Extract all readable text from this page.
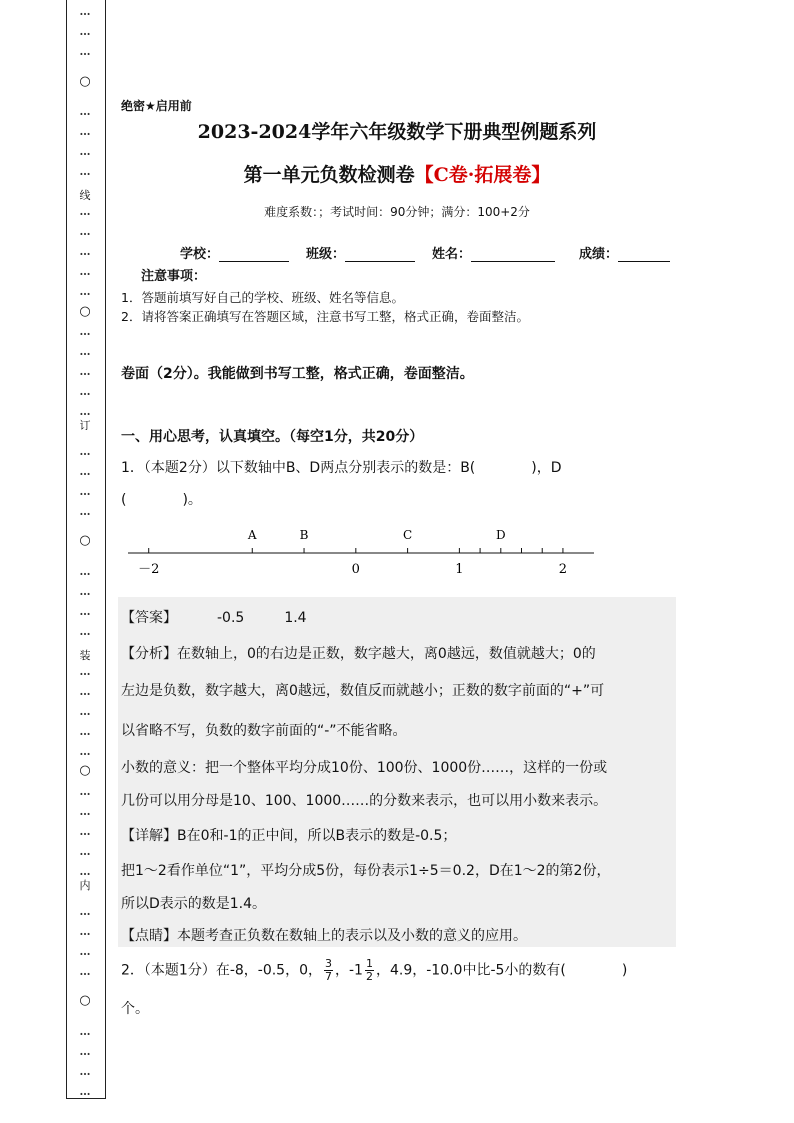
绝密★启用前
2023-2024学年六年级数学下册典型例题系列
第一单元负数检测卷【C卷·拓展卷】
难度系数：；考试时间：90分钟；满分：100+2分
学校：	班级：	姓名：	成绩：
注意事项：
1．答题前填写好自己的学校、班级、姓名等信息。
2．请将答案正确填写在答题区域，注意书写工整，格式正确，卷面整洁。
卷面（2分）。我能做到书写工整，格式正确，卷面整洁。
一、用心思考，认真填空。（每空1分，共20分）
1．（本题2分）以下数轴中B、D两点分别表示的数是：B(　　　　)，D
(　　　　)。
－2	0	1	2
A	B	C	D
【答案】	-0.5	1.4
【分析】在数轴上，0的右边是正数，数字越大，离0越远，数值就越大；0的
左边是负数，数字越大，离0越远，数值反而就越小；正数的数字前面的“+”可
以省略不写，负数的数字前面的“-”不能省略。
小数的意义：把一个整体平均分成10份、100份、1000份……，这样的一份或
几份可以用分母是10、100、1000……的分数来表示，也可以用小数来表示。
【详解】B在0和-1的正中间，所以B表示的数是-0.5；
把1～2看作单位“1”，平均分成5份，每份表示1÷5＝0.2，D在1～2的第2份，
所以D表示的数是1.4。
【点睛】本题考查正负数在数轴上的表示以及小数的意义的应用。
2．（本题1分）在-8，-0.5，0， $\frac{3}{7}$ ，$-1 \frac{1}{2}$ ，4.9，-10.0中比-5小的数有(　　　　)
个。
…
…
…
…
…
…
…
…
…
…
…
…
…
…
…
…
…
…
…
…
…
…
…
…
…
…
…
…
…
…
…
…
…
…
…
…
…
…
…
…
…
…
…
○
○
○
○
○
线
订
装
内
